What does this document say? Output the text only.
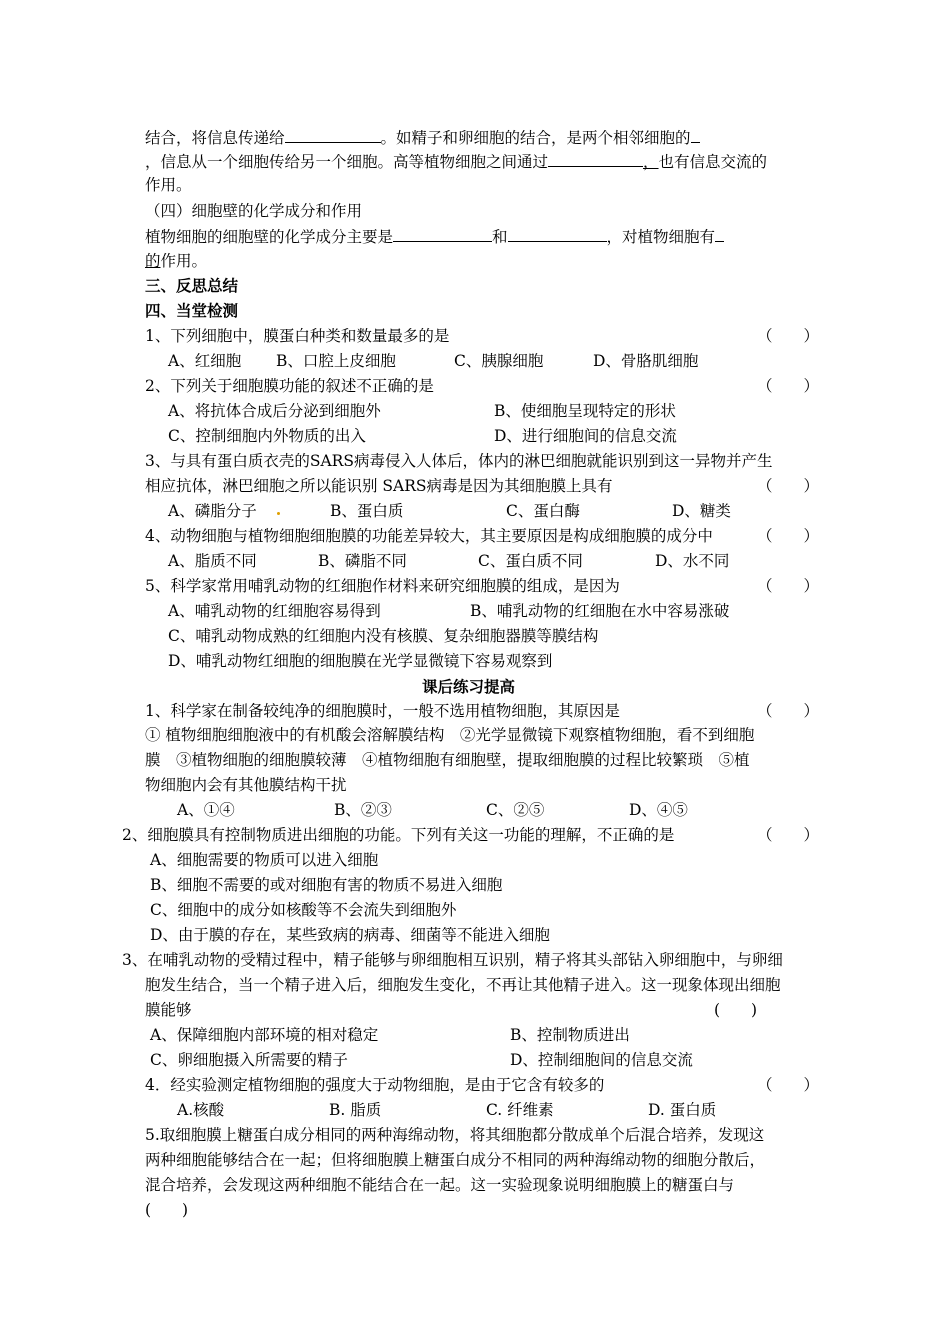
结合，将信息传递给	。如精子和卵细胞的结合，是两个相邻细胞的
，信息从一个细胞传给另一个细胞。高等植物细胞之间通过	，也有信息交流的
作用。
（四）细胞壁的化学成分和作用
植物细胞的细胞壁的化学成分主要是	和	，对植物细胞有
的作用。
三、反思总结
四、当堂检测
1、下列细胞中，膜蛋白种类和数量最多的是	（　　）
A、红细胞 B、口腔上皮细胞	C、胰腺细胞	D、骨胳肌细胞
2、下列关于细胞膜功能的叙述不正确的是	（　　）
A、将抗体合成后分泌到细胞外	B、使细胞呈现特定的形状
C、控制细胞内外物质的出入	D、进行细胞间的信息交流
3、与具有蛋白质衣壳的SARS病毒侵入人体后，体内的淋巴细胞就能识别到这一异物并产生
相应抗体，淋巴细胞之所以能识别 SARS病毒是因为其细胞膜上具有	（　　）
A、磷脂分子	B、蛋白质	C、蛋白酶	D、糖类
4、动物细胞与植物细胞细胞膜的功能差异较大，其主要原因是构成细胞膜的成分中	（　　）
A、脂质不同	B、磷脂不同	C、蛋白质不同	D、水不同
5、科学家常用哺乳动物的红细胞作材料来研究细胞膜的组成，是因为	（　　）
A、哺乳动物的红细胞容易得到	B、哺乳动物的红细胞在水中容易涨破
C、哺乳动物成熟的红细胞内没有核膜、复杂细胞器膜等膜结构
D、哺乳动物红细胞的细胞膜在光学显微镜下容易观察到
课后练习提高
1、科学家在制备较纯净的细胞膜时，一般不选用植物细胞，其原因是	（　　）
① 植物细胞细胞液中的有机酸会溶解膜结构　②光学显微镜下观察植物细胞，看不到细胞
膜　③植物细胞的细胞膜较薄　④植物细胞有细胞壁，提取细胞膜的过程比较繁琐　⑤植
物细胞内会有其他膜结构干扰
A、①④	B、②③	C、②⑤	D、④⑤
2、细胞膜具有控制物质进出细胞的功能。下列有关这一功能的理解，不正确的是	（　　）
A、细胞需要的物质可以进入细胞
B、细胞不需要的或对细胞有害的物质不易进入细胞
C、细胞中的成分如核酸等不会流失到细胞外
D、由于膜的存在，某些致病的病毒、细菌等不能进入细胞
3、在哺乳动物的受精过程中，精子能够与卵细胞相互识别，精子将其头部钻入卵细胞中，与卵细
胞发生结合，当一个精子进入后，细胞发生变化，不再让其他精子进入。这一现象体现出细胞
膜能够	(　　)
A、保障细胞内部环境的相对稳定	B、控制物质进出
C、卵细胞摄入所需要的精子	D、控制细胞间的信息交流
4．经实验测定植物细胞的强度大于动物细胞，是由于它含有较多的	（　　）
A.核酸	B. 脂质	C. 纤维素	D. 蛋白质
5.取细胞膜上糖蛋白成分相同的两种海绵动物，将其细胞都分散成单个后混合培养，发现这
两种细胞能够结合在一起；但将细胞膜上糖蛋白成分不相同的两种海绵动物的细胞分散后，
混合培养，会发现这两种细胞不能结合在一起。这一实验现象说明细胞膜上的糖蛋白与
(　　)
